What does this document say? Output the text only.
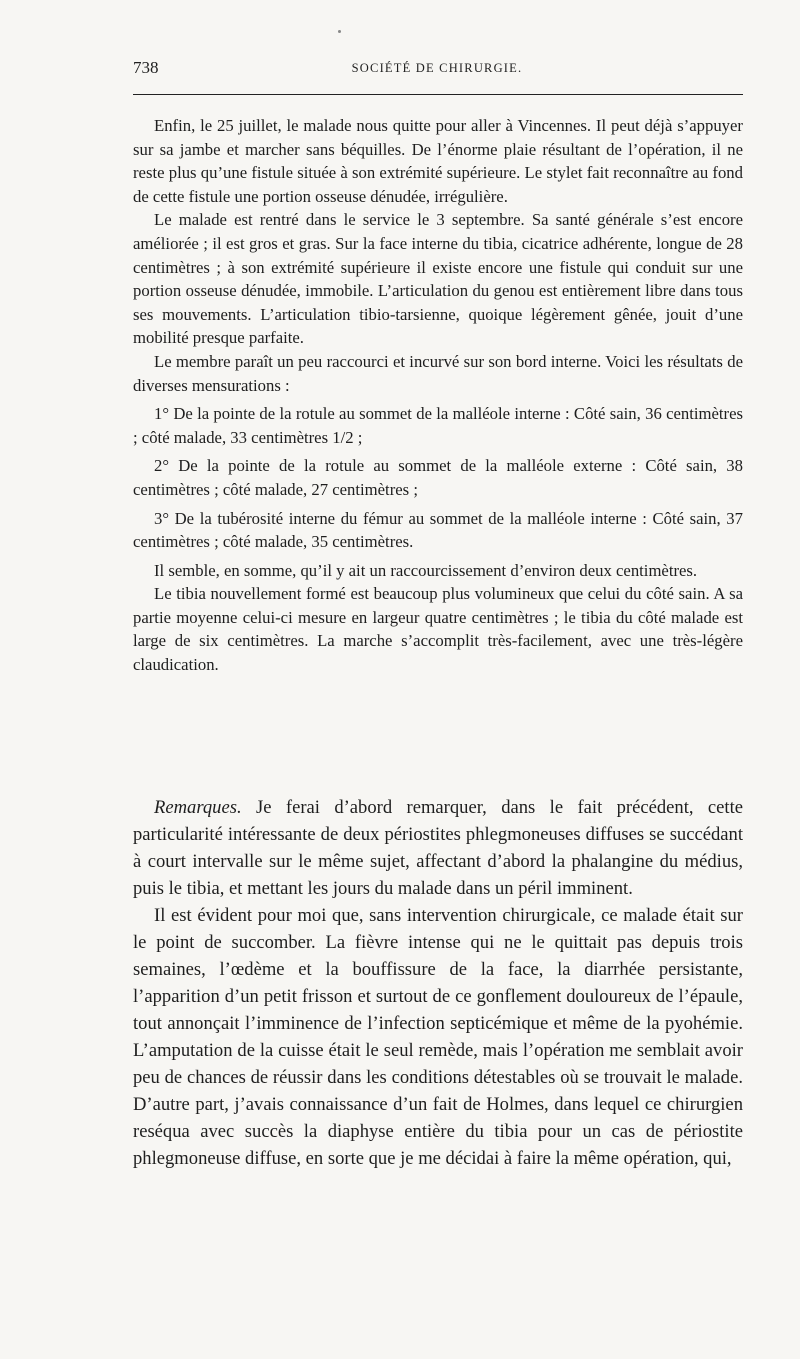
738	SOCIÉTÉ DE CHIRURGIE.

Enfin, le 25 juillet, le malade nous quitte pour aller à Vincennes. Il peut déjà s’appuyer sur sa jambe et marcher sans béquilles. De l’énorme plaie résultant de l’opération, il ne reste plus qu’une fistule située à son extrémité supérieure. Le stylet fait reconnaître au fond de cette fistule une portion osseuse dénudée, irrégulière.

Le malade est rentré dans le service le 3 septembre. Sa santé générale s’est encore améliorée ; il est gros et gras. Sur la face interne du tibia, cicatrice adhérente, longue de 28 centimètres ; à son extrémité supérieure il existe encore une fistule qui conduit sur une portion osseuse dénudée, immobile. L’articulation du genou est entièrement libre dans tous ses mouvements. L’articulation tibio-tarsienne, quoique légèrement gênée, jouit d’une mobilité presque parfaite.

Le membre paraît un peu raccourci et incurvé sur son bord interne. Voici les résultats de diverses mensurations :

1° De la pointe de la rotule au sommet de la malléole interne : Côté sain, 36 centimètres ; côté malade, 33 centimètres 1/2 ;

2° De la pointe de la rotule au sommet de la malléole externe : Côté sain, 38 centimètres ; côté malade, 27 centimètres ;

3° De la tubérosité interne du fémur au sommet de la malléole interne : Côté sain, 37 centimètres ; côté malade, 35 centimètres.

Il semble, en somme, qu’il y ait un raccourcissement d’environ deux centimètres.

Le tibia nouvellement formé est beaucoup plus volumineux que celui du côté sain. A sa partie moyenne celui-ci mesure en largeur quatre centimètres ; le tibia du côté malade est large de six centimètres. La marche s’accomplit très-facilement, avec une très-légère claudication.

Remarques. Je ferai d’abord remarquer, dans le fait précédent, cette particularité intéressante de deux périostites phlegmoneuses diffuses se succédant à court intervalle sur le même sujet, affectant d’abord la phalangine du médius, puis le tibia, et mettant les jours du malade dans un péril imminent.

Il est évident pour moi que, sans intervention chirurgicale, ce malade était sur le point de succomber. La fièvre intense qui ne le quittait pas depuis trois semaines, l’œdème et la bouffissure de la face, la diarrhée persistante, l’apparition d’un petit frisson et surtout de ce gonflement douloureux de l’épaule, tout annonçait l’imminence de l’infection septicémique et même de la pyohémie. L’amputation de la cuisse était le seul remède, mais l’opération me semblait avoir peu de chances de réussir dans les conditions détestables où se trouvait le malade. D’autre part, j’avais connaissance d’un fait de Holmes, dans lequel ce chirurgien reséqua avec succès la diaphyse entière du tibia pour un cas de périostite phlegmoneuse diffuse, en sorte que je me décidai à faire la même opération, qui,
